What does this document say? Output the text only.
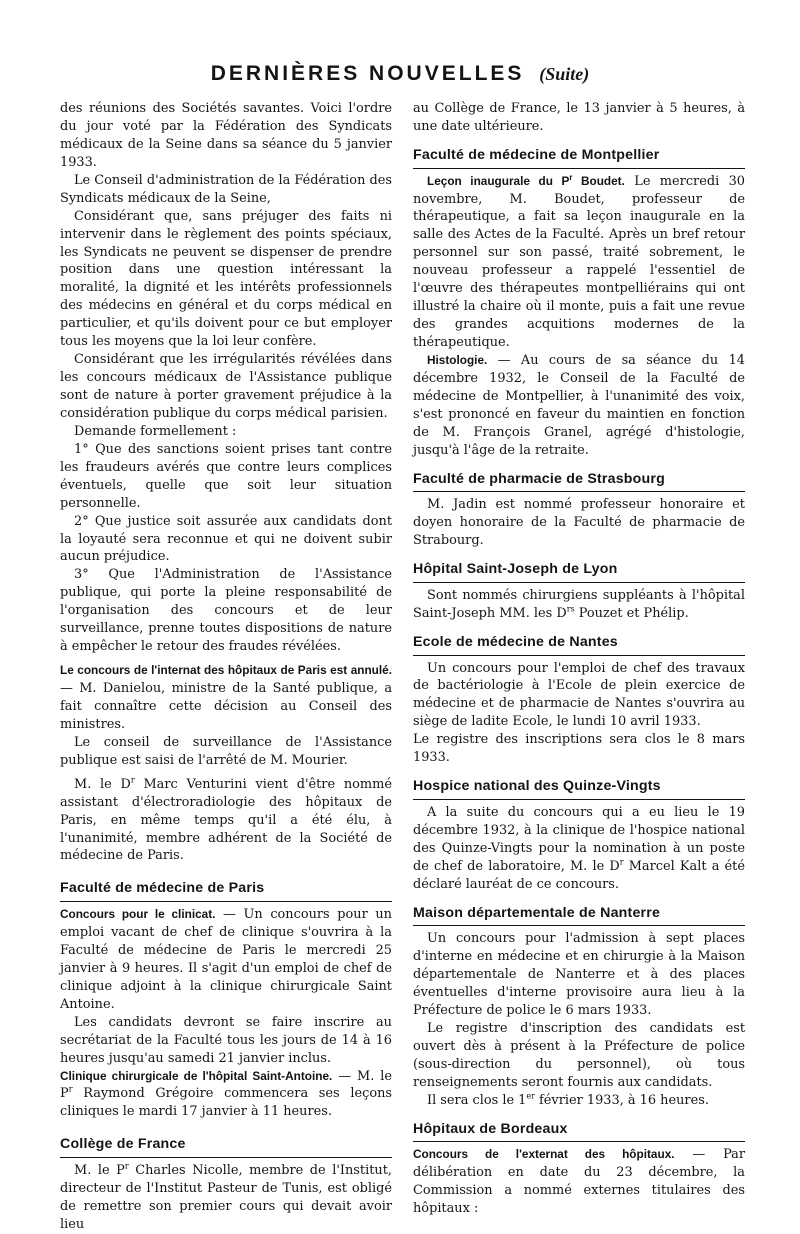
DERNIÈRES NOUVELLES (Suite)

des réunions des Sociétés savantes. Voici l'ordre du jour voté par la Fédération des Syndicats médicaux de la Seine dans sa séance du 5 janvier 1933.

Le Conseil d'administration de la Fédération des Syndicats médicaux de la Seine,

Considérant que, sans préjuger des faits ni intervenir dans le règlement des points spéciaux, les Syndicats ne peuvent se dispenser de prendre position dans une question intéressant la moralité, la dignité et les intérêts professionnels des médecins en général et du corps médical en particulier, et qu'ils doivent pour ce but employer tous les moyens que la loi leur confère.

Considérant que les irrégularités révélées dans les concours médicaux de l'Assistance publique sont de nature à porter gravement préjudice à la considération publique du corps médical parisien.

Demande formellement :

1° Que des sanctions soient prises tant contre les fraudeurs avérés que contre leurs complices éventuels, quelle que soit leur situation personnelle.

2° Que justice soit assurée aux candidats dont la loyauté sera reconnue et qui ne doivent subir aucun préjudice.

3° Que l'Administration de l'Assistance publique, qui porte la pleine responsabilité de l'organisation des concours et de leur surveillance, prenne toutes dispositions de nature à empêcher le retour des fraudes révélées.

Le concours de l'internat des hôpitaux de Paris est annulé. — M. Danielou, ministre de la Santé publique, a fait connaître cette décision au Conseil des ministres.

Le conseil de surveillance de l'Assistance publique est saisi de l'arrêté de M. Mourier.

M. le $D^r$ Marc Venturini vient d'être nommé assistant d'électroradiologie des hôpitaux de Paris, en même temps qu'il a été élu, à l'unanimité, membre adhérent de la Société de médecine de Paris.

Faculté de médecine de Paris

Concours pour le clinicat. — Un concours pour un emploi vacant de chef de clinique s'ouvrira à la Faculté de médecine de Paris le mercredi 25 janvier à 9 heures. Il s'agit d'un emploi de chef de clinique adjoint à la clinique chirurgicale Saint Antoine.

Les candidats devront se faire inscrire au secrétariat de la Faculté tous les jours de 14 à 16 heures jusqu'au samedi 21 janvier inclus.

Clinique chirurgicale de l'hôpital Saint-Antoine. — M. le $P^r$ Raymond Grégoire commencera ses leçons cliniques le mardi 17 janvier à 11 heures.

Collège de France

M. le $P^r$ Charles Nicolle, membre de l'Institut, directeur de l'Institut Pasteur de Tunis, est obligé de remettre son premier cours qui devait avoir lieu

au Collège de France, le 13 janvier à 5 heures, à une date ultérieure.

Faculté de médecine de Montpellier

Leçon inaugurale du $P^r$ Boudet. Le mercredi 30 novembre, M. Boudet, professeur de thérapeutique, a fait sa leçon inaugurale en la salle des Actes de la Faculté. Après un bref retour personnel sur son passé, traité sobrement, le nouveau professeur a rappelé l'essentiel de l'œuvre des thérapeutes montpelliérains qui ont illustré la chaire où il monte, puis a fait une revue des grandes acquitions modernes de la thérapeutique.

Histologie. — Au cours de sa séance du 14 décembre 1932, le Conseil de la Faculté de médecine de Montpellier, à l'unanimité des voix, s'est prononcé en faveur du maintien en fonction de M. François Granel, agrégé d'histologie, jusqu'à l'âge de la retraite.

Faculté de pharmacie de Strasbourg

M. Jadin est nommé professeur honoraire et doyen honoraire de la Faculté de pharmacie de Strabourg.

Hôpital Saint-Joseph de Lyon

Sont nommés chirurgiens suppléants à l'hôpital Saint-Joseph MM. les $D^{rs}$ Pouzet et Phélip.

Ecole de médecine de Nantes

Un concours pour l'emploi de chef des travaux de bactériologie à l'Ecole de plein exercice de médecine et de pharmacie de Nantes s'ouvrira au siège de ladite Ecole, le lundi 10 avril 1933.

Le registre des inscriptions sera clos le 8 mars 1933.

Hospice national des Quinze-Vingts

A la suite du concours qui a eu lieu le 19 décembre 1932, à la clinique de l'hospice national des Quinze-Vingts pour la nomination à un poste de chef de laboratoire, M. le $D^r$ Marcel Kalt a été déclaré lauréat de ce concours.

Maison départementale de Nanterre

Un concours pour l'admission à sept places d'interne en médecine et en chirurgie à la Maison départementale de Nanterre et à des places éventuelles d'interne provisoire aura lieu à la Préfecture de police le 6 mars 1933.

Le registre d'inscription des candidats est ouvert dès à présent à la Préfecture de police (sous-direction du personnel), où tous renseignements seront fournis aux candidats.

Il sera clos le 1er février 1933, à 16 heures.

Hôpitaux de Bordeaux

Concours de l'externat des hôpitaux. — Par délibération en date du 23 décembre, la Commission a nommé externes titulaires des hôpitaux :
